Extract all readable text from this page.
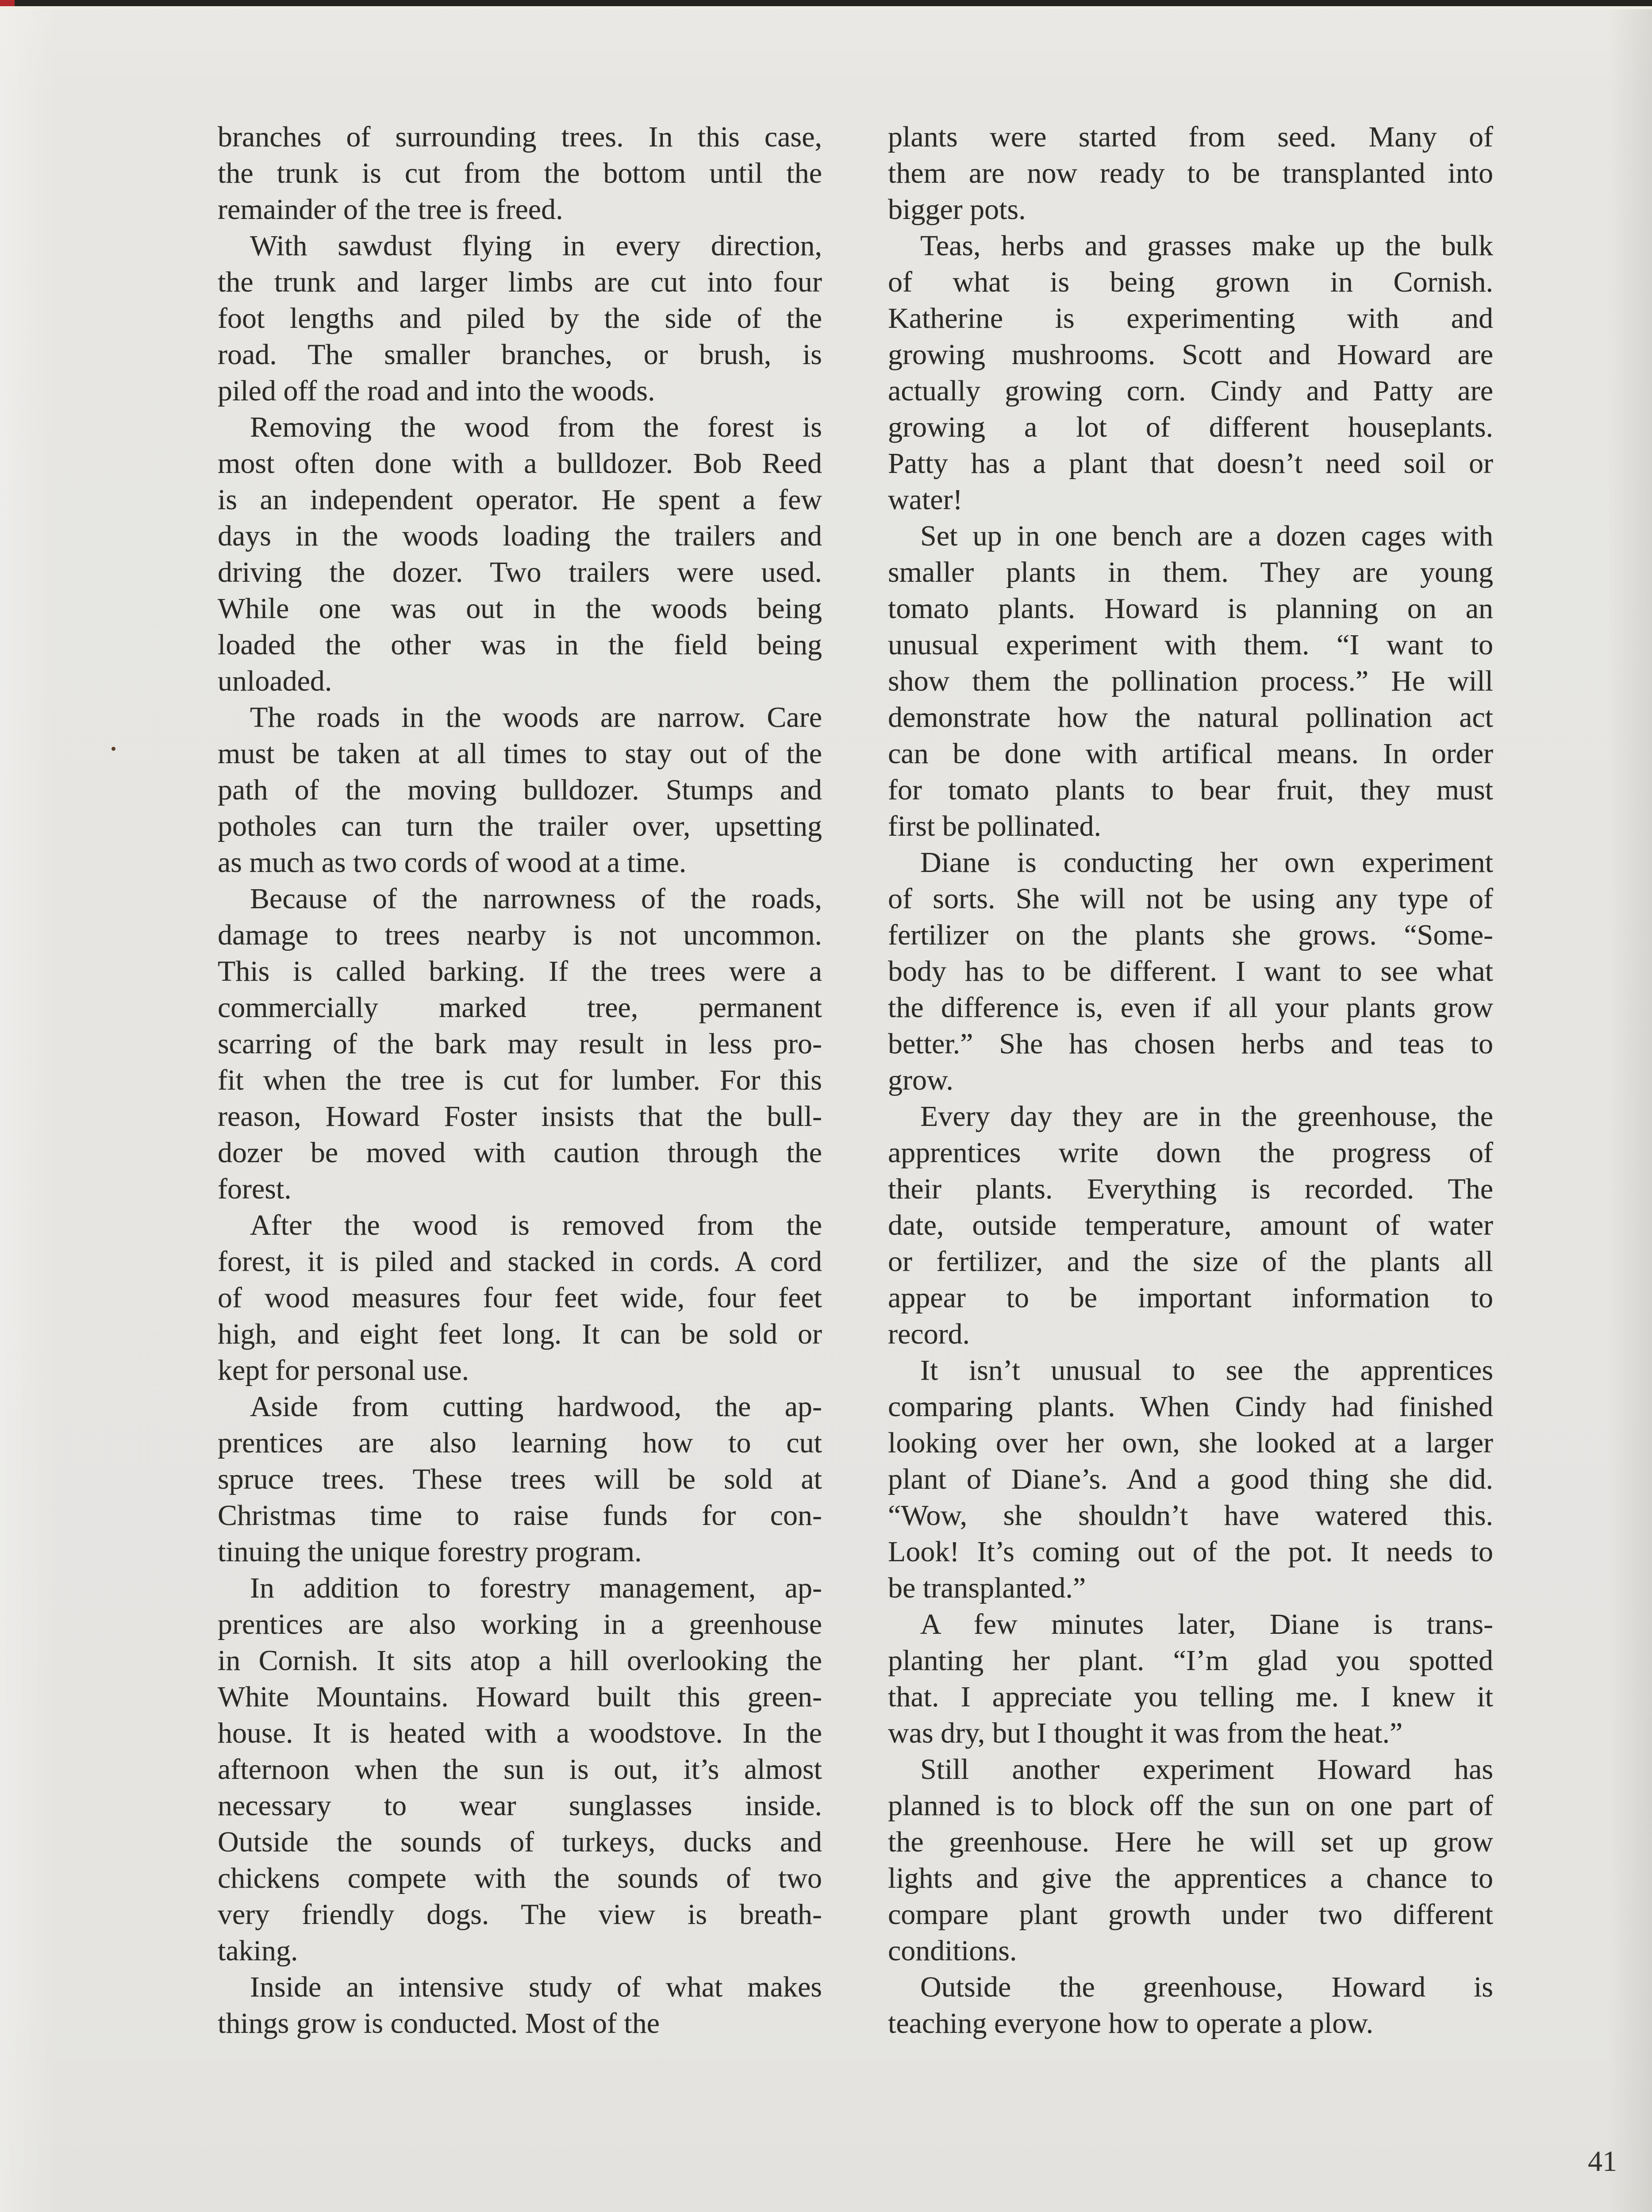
branches of surrounding trees. In this case,
the trunk is cut from the bottom until the
remainder of the tree is freed.

With sawdust flying in every direction,
the trunk and larger limbs are cut into four
foot lengths and piled by the side of the
road. The smaller branches, or brush, is
piled off the road and into the woods.

Removing the wood from the forest is
most often done with a bulldozer. Bob Reed
is an independent operator. He spent a few
days in the woods loading the trailers and
driving the dozer. Two trailers were used.
While one was out in the woods being
loaded the other was in the field being
unloaded.

The roads in the woods are narrow. Care
must be taken at all times to stay out of the
path of the moving bulldozer. Stumps and
potholes can turn the trailer over, upsetting
as much as two cords of wood at a time.

Because of the narrowness of the roads,
damage to trees nearby is not uncommon.
This is called barking. If the trees were a
commercially marked tree, permanent
scarring of the bark may result in less pro-
fit when the tree is cut for lumber. For this
reason, Howard Foster insists that the bull-
dozer be moved with caution through the
forest.

After the wood is removed from the
forest, it is piled and stacked in cords. A cord
of wood measures four feet wide, four feet
high, and eight feet long. It can be sold or
kept for personal use.

Aside from cutting hardwood, the ap-
prentices are also learning how to cut
spruce trees. These trees will be sold at
Christmas time to raise funds for con-
tinuing the unique forestry program.

In addition to forestry management, ap-
prentices are also working in a greenhouse
in Cornish. It sits atop a hill overlooking the
White Mountains. Howard built this green-
house. It is heated with a woodstove. In the
afternoon when the sun is out, it’s almost
necessary to wear sunglasses inside.
Outside the sounds of turkeys, ducks and
chickens compete with the sounds of two
very friendly dogs. The view is breath-
taking.

Inside an intensive study of what makes
things grow is conducted. Most of the

plants were started from seed. Many of
them are now ready to be transplanted into
bigger pots.

Teas, herbs and grasses make up the bulk
of what is being grown in Cornish.
Katherine is experimenting with and
growing mushrooms. Scott and Howard are
actually growing corn. Cindy and Patty are
growing a lot of different houseplants.
Patty has a plant that doesn’t need soil or
water!

Set up in one bench are a dozen cages with
smaller plants in them. They are young
tomato plants. Howard is planning on an
unusual experiment with them. “I want to
show them the pollination process.” He will
demonstrate how the natural pollination act
can be done with artifical means. In order
for tomato plants to bear fruit, they must
first be pollinated.

Diane is conducting her own experiment
of sorts. She will not be using any type of
fertilizer on the plants she grows. “Some-
body has to be different. I want to see what
the difference is, even if all your plants grow
better.” She has chosen herbs and teas to
grow.

Every day they are in the greenhouse, the
apprentices write down the progress of
their plants. Everything is recorded. The
date, outside temperature, amount of water
or fertilizer, and the size of the plants all
appear to be important information to
record.

It isn’t unusual to see the apprentices
comparing plants. When Cindy had finished
looking over her own, she looked at a larger
plant of Diane’s. And a good thing she did.
“Wow, she shouldn’t have watered this.
Look! It’s coming out of the pot. It needs to
be transplanted.”

A few minutes later, Diane is trans-
planting her plant. “I’m glad you spotted
that. I appreciate you telling me. I knew it
was dry, but I thought it was from the heat.”

Still another experiment Howard has
planned is to block off the sun on one part of
the greenhouse. Here he will set up grow
lights and give the apprentices a chance to
compare plant growth under two different
conditions.

Outside the greenhouse, Howard is
teaching everyone how to operate a plow.

41
